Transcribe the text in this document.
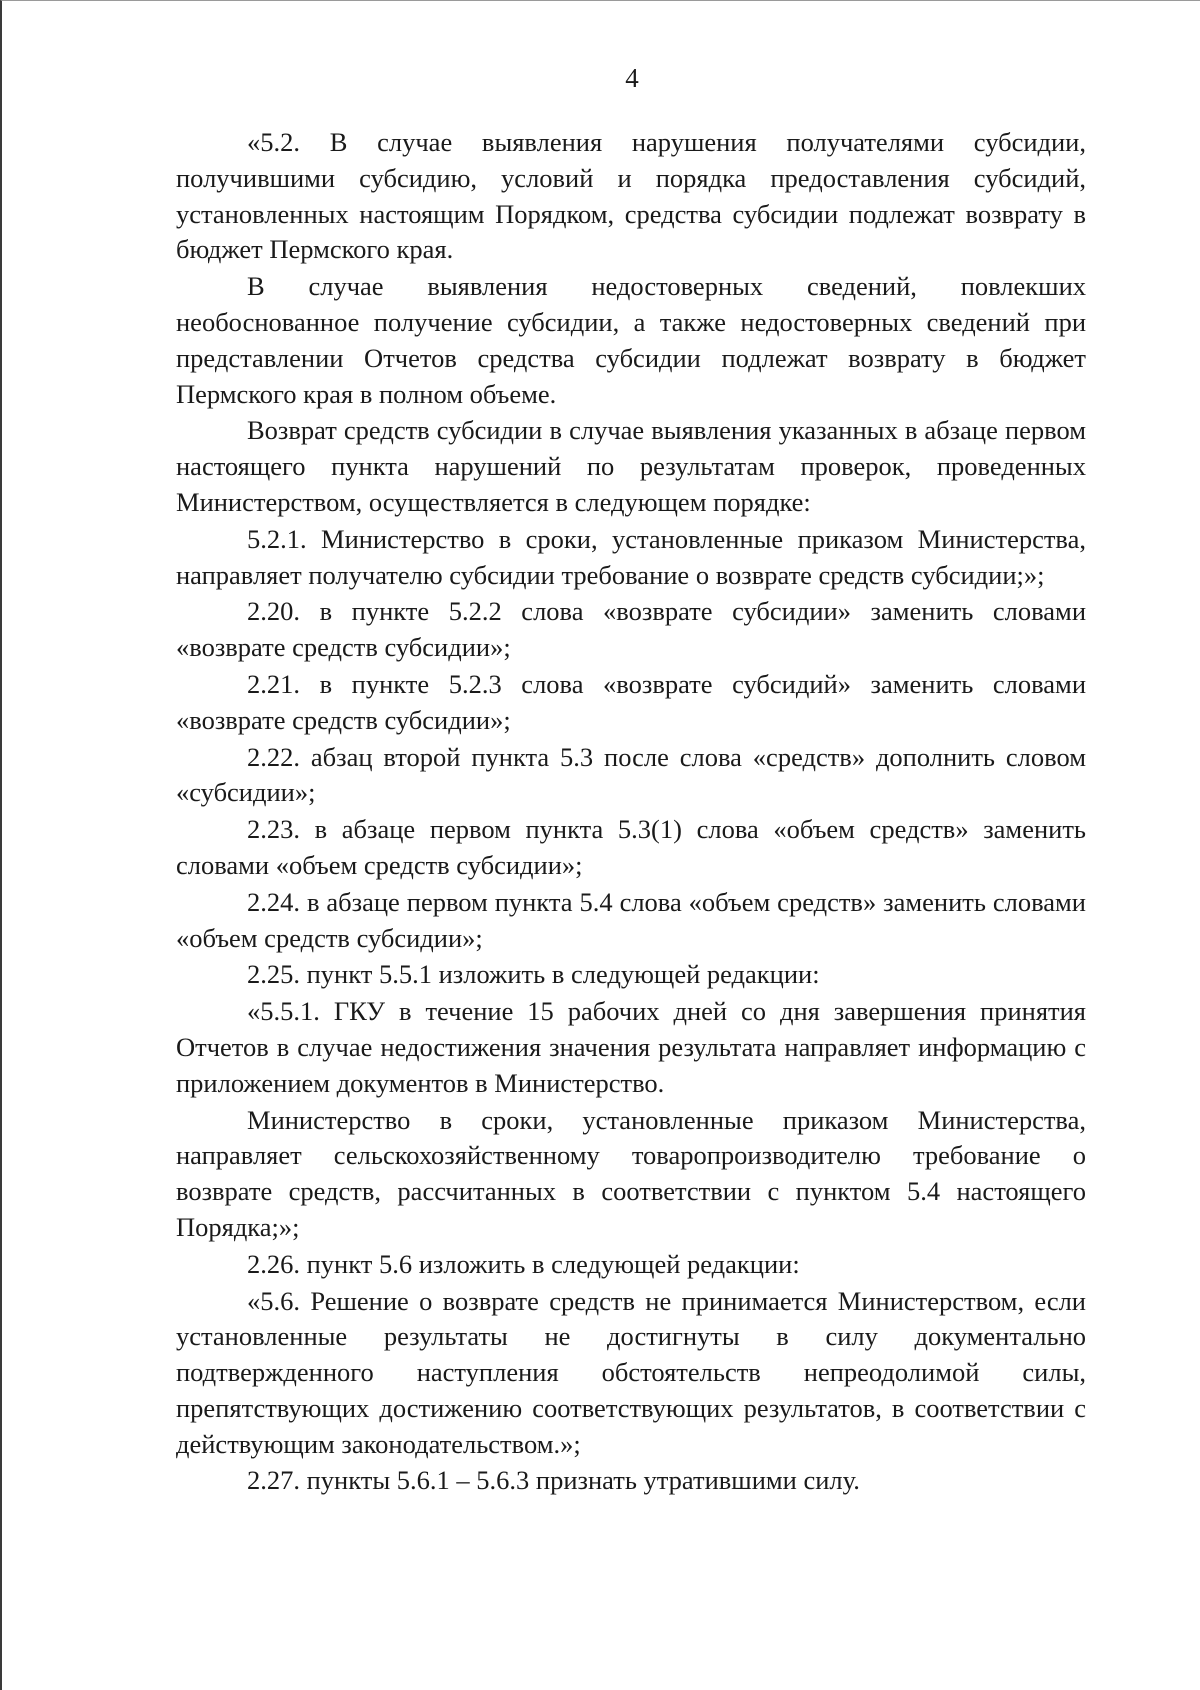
4

«5.2. В случае выявления нарушения получателями субсидии, получившими субсидию, условий и порядка предоставления субсидий, установленных настоящим Порядком, средства субсидии подлежат возврату в бюджет Пермского края.

В случае выявления недостоверных сведений, повлекших необоснованное получение субсидии, а также недостоверных сведений при представлении Отчетов средства субсидии подлежат возврату в бюджет Пермского края в полном объеме.

Возврат средств субсидии в случае выявления указанных в абзаце первом настоящего пункта нарушений по результатам проверок, проведенных Министерством, осуществляется в следующем порядке:

5.2.1. Министерство в сроки, установленные приказом Министерства, направляет получателю субсидии требование о возврате средств субсидии;»;

2.20. в пункте 5.2.2 слова «возврате субсидии» заменить словами «возврате средств субсидии»;

2.21. в пункте 5.2.3 слова «возврате субсидий» заменить словами «возврате средств субсидии»;

2.22. абзац второй пункта 5.3 после слова «средств» дополнить словом «субсидии»;

2.23. в абзаце первом пункта 5.3(1) слова «объем средств» заменить словами «объем средств субсидии»;

2.24. в абзаце первом пункта 5.4 слова «объем средств» заменить словами «объем средств субсидии»;

2.25. пункт 5.5.1 изложить в следующей редакции:

«5.5.1. ГКУ в течение 15 рабочих дней со дня завершения принятия Отчетов в случае недостижения значения результата направляет информацию с приложением документов в Министерство.

Министерство в сроки, установленные приказом Министерства, направляет сельскохозяйственному товаропроизводителю требование о возврате средств, рассчитанных в соответствии с пунктом 5.4 настоящего Порядка;»;

2.26. пункт 5.6 изложить в следующей редакции:

«5.6. Решение о возврате средств не принимается Министерством, если установленные результаты не достигнуты в силу документально подтвержденного наступления обстоятельств непреодолимой силы, препятствующих достижению соответствующих результатов, в соответствии с действующим законодательством.»;

2.27. пункты 5.6.1 – 5.6.3 признать утратившими силу.
